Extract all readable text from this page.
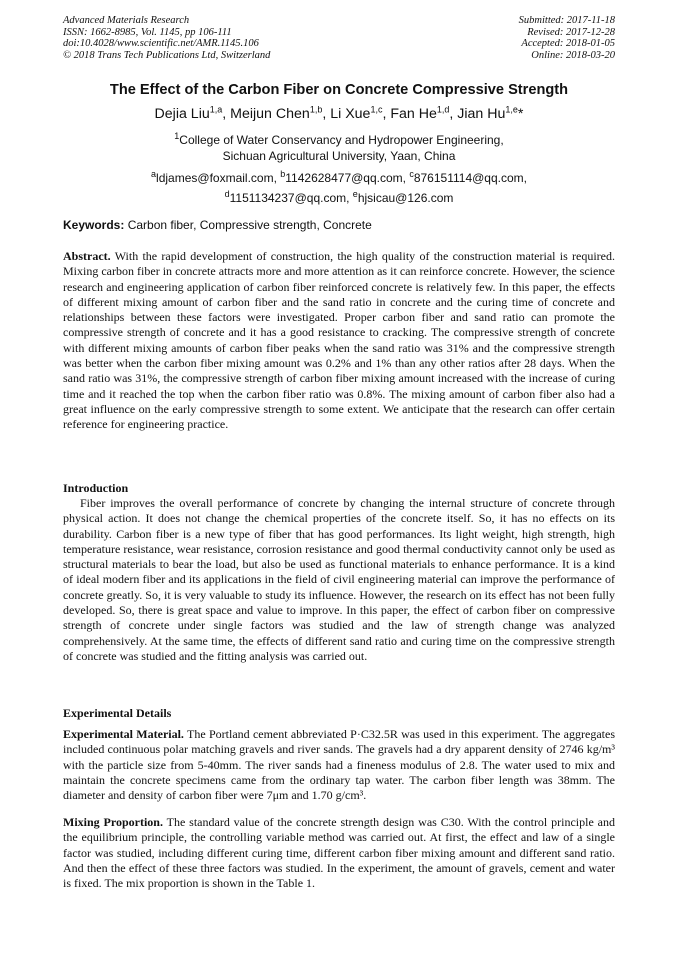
Advanced Materials Research
ISSN: 1662-8985, Vol. 1145, pp 106-111
doi:10.4028/www.scientific.net/AMR.1145.106
© 2018 Trans Tech Publications Ltd, Switzerland
Submitted: 2017-11-18
Revised: 2017-12-28
Accepted: 2018-01-05
Online: 2018-03-20
The Effect of the Carbon Fiber on Concrete Compressive Strength
Dejia Liu$^{1,a}$, Meijun Chen$^{1,b}$, Li Xue$^{1,c}$, Fan He$^{1,d}$, Jian Hu$^{1,e}$*
$^1$College of Water Conservancy and Hydropower Engineering,
Sichuan Agricultural University, Yaan, China
$^a$ldjames@foxmail.com, $^b$1142628477@qq.com, $^c$876151114@qq.com,
$^d$1151134237@qq.com, $^e$hjsicau@126.com
Keywords: Carbon fiber, Compressive strength, Concrete
Abstract. With the rapid development of construction, the high quality of the construction material is required. Mixing carbon fiber in concrete attracts more and more attention as it can reinforce concrete. However, the science research and engineering application of carbon fiber reinforced concrete is relatively few. In this paper, the effects of different mixing amount of carbon fiber and the sand ratio in concrete and the curing time of concrete and relationships between these factors were investigated. Proper carbon fiber and sand ratio can promote the compressive strength of concrete and it has a good resistance to cracking. The compressive strength of concrete with different mixing amounts of carbon fiber peaks when the sand ratio was 31% and the compressive strength was better when the carbon fiber mixing amount was 0.2% and 1% than any other ratios after 28 days. When the sand ratio was 31%, the compressive strength of carbon fiber mixing amount increased with the increase of curing time and it reached the top when the carbon fiber ratio was 0.8%. The mixing amount of carbon fiber also had a great influence on the early compressive strength to some extent. We anticipate that the research can offer certain reference for engineering practice.
Introduction
Fiber improves the overall performance of concrete by changing the internal structure of concrete through physical action. It does not change the chemical properties of the concrete itself. So, it has no effects on its durability. Carbon fiber is a new type of fiber that has good performances. Its light weight, high strength, high temperature resistance, wear resistance, corrosion resistance and good thermal conductivity cannot only be used as structural materials to bear the load, but also be used as functional materials to enhance performance. It is a kind of ideal modern fiber and its applications in the field of civil engineering material can improve the performance of concrete greatly. So, it is very valuable to study its influence. However, the research on its effect has not been fully developed. So, there is great space and value to improve. In this paper, the effect of carbon fiber on compressive strength of concrete under single factors was studied and the law of strength change was analyzed comprehensively. At the same time, the effects of different sand ratio and curing time on the compressive strength of concrete was studied and the fitting analysis was carried out.
Experimental Details
Experimental Material. The Portland cement abbreviated P·C32.5R was used in this experiment. The aggregates included continuous polar matching gravels and river sands. The gravels had a dry apparent density of 2746 kg/m³ with the particle size from 5-40mm. The river sands had a fineness modulus of 2.8. The water used to mix and maintain the concrete specimens came from the ordinary tap water. The carbon fiber length was 38mm. The diameter and density of carbon fiber were 7μm and 1.70 g/cm³.
Mixing Proportion. The standard value of the concrete strength design was C30. With the control principle and the equilibrium principle, the controlling variable method was carried out. At first, the effect and law of a single factor was studied, including different curing time, different carbon fiber mixing amount and different sand ratio. And then the effect of these three factors was studied. In the experiment, the amount of gravels, cement and water is fixed. The mix proportion is shown in the Table 1.
